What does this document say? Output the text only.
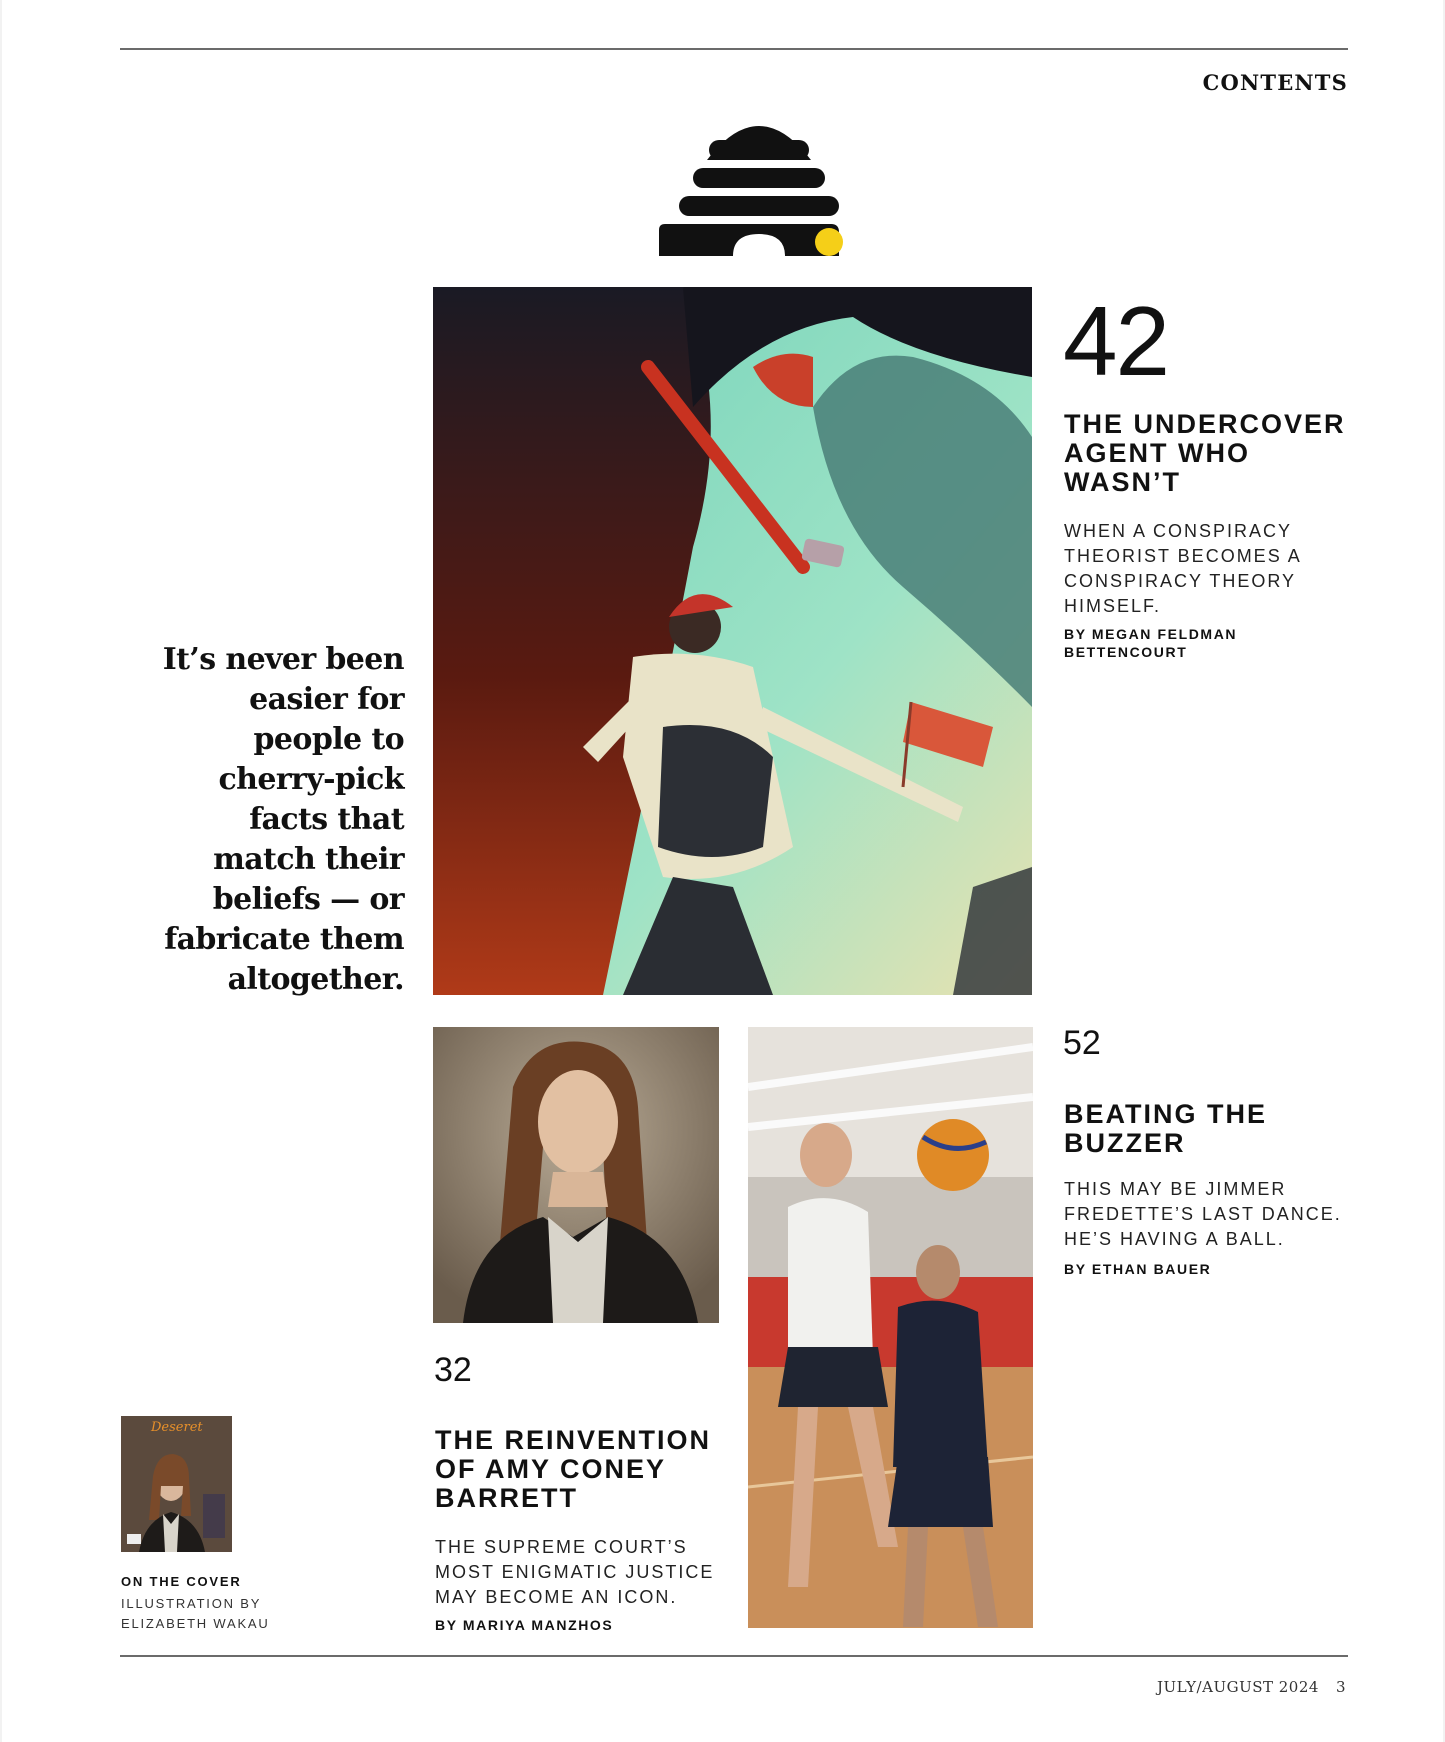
CONTENTS
42
THE UNDERCOVER AGENT WHO WASN’T
WHEN A CONSPIRACY THEORIST BECOMES A CONSPIRACY THEORY HIMSELF.
BY MEGAN FELDMAN BETTENCOURT
It’s never been easier for people to cherry-pick facts that match their beliefs — or fabricate them altogether.
52
BEATING THE BUZZER
THIS MAY BE JIMMER FREDETTE’S LAST DANCE. HE’S HAVING A BALL.
BY ETHAN BAUER
32
THE REINVENTION OF AMY CONEY BARRETT
THE SUPREME COURT’S MOST ENIGMATIC JUSTICE MAY BECOME AN ICON.
BY MARIYA MANZHOS
Deseret
ON THE COVER
ILLUSTRATION BY ELIZABETH WAKAU
JULY/AUGUST 2024 3
